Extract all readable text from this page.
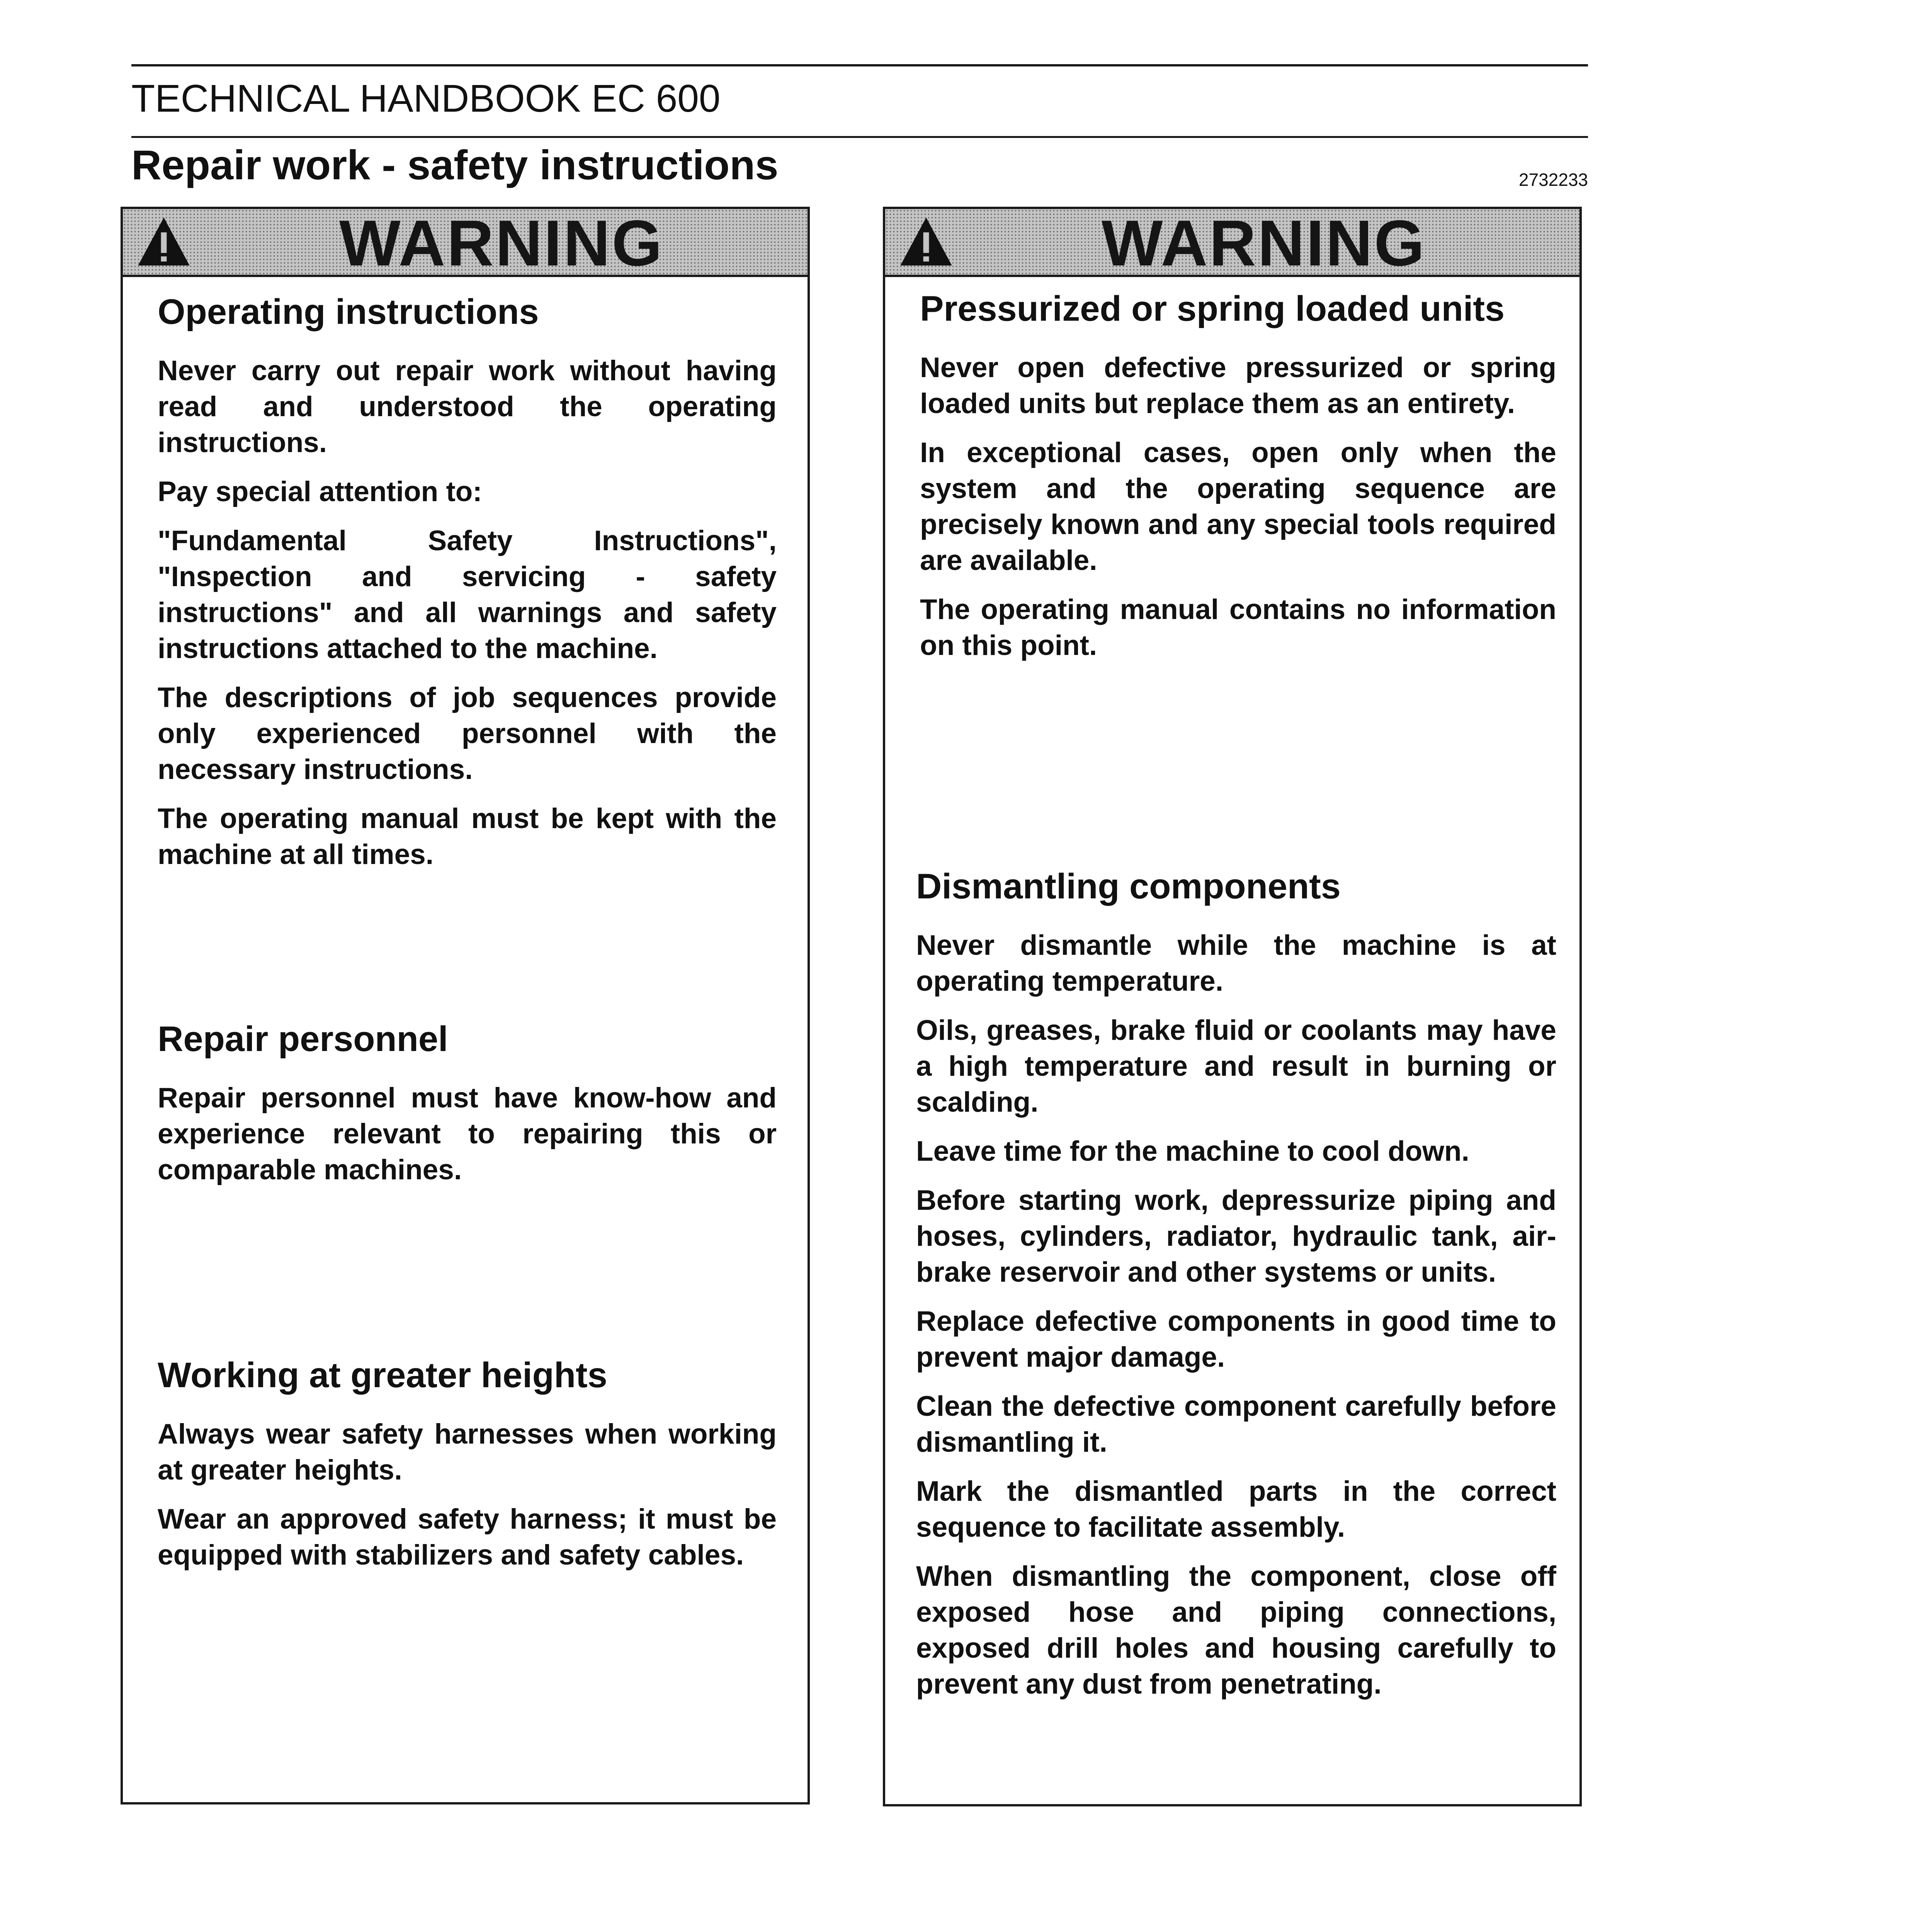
TECHNICAL HANDBOOK EC 600
Repair work - safety instructions	2732233
WARNING
Operating instructions

Never carry out repair work without having read and understood the operating instructions.

Pay special attention to:

"Fundamental Safety Instructions", "Inspection and servicing - safety instructions" and all warnings and safety instructions attached to the machine.

The descriptions of job sequences provide only experienced personnel with the necessary instructions.

The operating manual must be kept with the machine at all times.

Repair personnel

Repair personnel must have know-how and experience relevant to repairing this or comparable machines.

Working at greater heights

Always wear safety harnesses when working at greater heights.

Wear an approved safety harness; it must be equipped with stabilizers and safety cables.

WARNING
Pressurized or spring loaded units

Never open defective pressurized or spring loaded units but replace them as an entirety.

In exceptional cases, open only when the system and the operating sequence are precisely known and any special tools required are available.

The operating manual contains no information on this point.

Dismantling components

Never dismantle while the machine is at operating temperature.

Oils, greases, brake fluid or coolants may have a high temperature and result in burning or scalding.

Leave time for the machine to cool down.

Before starting work, depressurize piping and hoses, cylinders, radiator, hydraulic tank, air-brake reservoir and other systems or units.

Replace defective components in good time to prevent major damage.

Clean the defective component carefully before dismantling it.

Mark the dismantled parts in the correct sequence to facilitate assembly.

When dismantling the component, close off exposed hose and piping connections, exposed drill holes and housing carefully to prevent any dust from penetrating.
